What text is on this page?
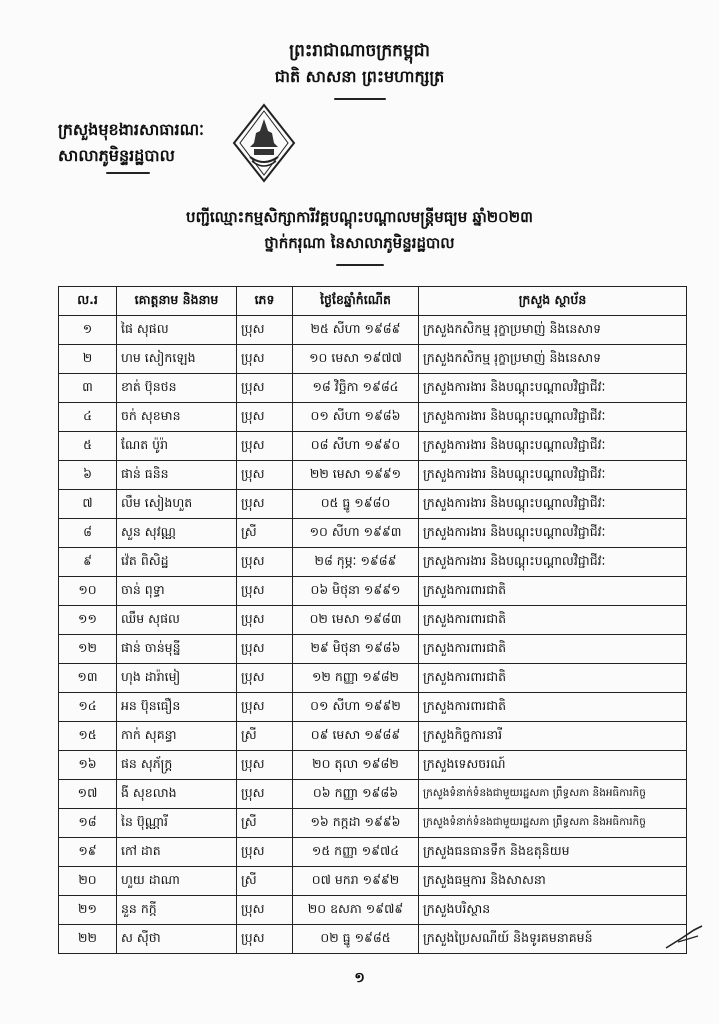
ព្រះរាជាណាចក្រកម្ពុជា
ជាតិ សាសនា ព្រះមហាក្សត្រ
ក្រសួងមុខងារសាធារណៈ
សាលាភូមិន្ទរដ្ឋបាល
បញ្ជីឈ្មោះកម្មសិក្សាការីវគ្គបណ្តុះបណ្តាលមន្ត្រីមធ្យម ឆ្នាំ២០២៣
ថ្នាក់ករុណា នៃសាលាភូមិន្ទរដ្ឋបាល
ល.រ	គោត្តនាម និងនាម	ភេទ	ថ្ងៃខែឆ្នាំកំណើត	ក្រសួង ស្ថាប័ន
១	ផៃ សុផល	ប្រុស	២៥ សីហា ១៩៨៩	ក្រសួងកសិកម្ម រុក្ខាប្រមាញ់ និងនេសាទ
២	ហម សៀកឡេង	ប្រុស	១០ មេសា ១៩៧៧	ក្រសួងកសិកម្ម រុក្ខាប្រមាញ់ និងនេសាទ
៣	ខាត់ ប៊ុនថន	ប្រុស	១៨ វិច្ឆិកា ១៩៨៤	ក្រសួងការងារ និងបណ្តុះបណ្តាលវិជ្ជាជីវៈ
៤	ចក់ សុខមាន	ប្រុស	០១ សីហា ១៩៨៦	ក្រសួងការងារ និងបណ្តុះបណ្តាលវិជ្ជាជីវៈ
៥	ណែត ប៉ូរ៉ា	ប្រុស	០៨ សីហា ១៩៩០	ក្រសួងការងារ និងបណ្តុះបណ្តាលវិជ្ជាជីវៈ
៦	ផាន់ ធនិន	ប្រុស	២២ មេសា ១៩៩១	ក្រសួងការងារ និងបណ្តុះបណ្តាលវិជ្ជាជីវៈ
៧	លឹម សៀងហួត	ប្រុស	០៥ ធ្នូ ១៩៨០	ក្រសួងការងារ និងបណ្តុះបណ្តាលវិជ្ជាជីវៈ
៨	សួន សុវណ្ណ	ស្រី	១០ សីហា ១៩៩៣	ក្រសួងការងារ និងបណ្តុះបណ្តាលវិជ្ជាជីវៈ
៩	វ៉េត ពិសិដ្ឋ	ប្រុស	២៨ កុម្ភៈ ១៩៨៩	ក្រសួងការងារ និងបណ្តុះបណ្តាលវិជ្ជាជីវៈ
១០	ចាន់ ពុទ្ធា	ប្រុស	០៦ មិថុនា ១៩៩១	ក្រសួងការពារជាតិ
១១	ឈឹម សុផល	ប្រុស	០២ មេសា ១៩៨៣	ក្រសួងការពារជាតិ
១២	ផាន់ ចាន់មុន្នី	ប្រុស	២៩ មិថុនា ១៩៨៦	ក្រសួងការពារជាតិ
១៣	ហុង ដារ៉ាមៀ	ប្រុស	១២ កញ្ញា ១៩៨២	ក្រសួងការពារជាតិ
១៤	អន ប៊ុនធឿន	ប្រុស	០១ សីហា ១៩៩២	ក្រសួងការពារជាតិ
១៥	កាក់ សុគន្ធា	ស្រី	០៩ មេសា ១៩៨៩	ក្រសួងកិច្ចការនារី
១៦	ផន សុភ័ក្រ្ត	ប្រុស	២០ តុលា ១៩៨២	ក្រសួងទេសចរណ៍
១៧	ងី សុខលាង	ប្រុស	០៦ កញ្ញា ១៩៨៦	ក្រសួងទំនាក់ទំនងជាមួយរដ្ឋសភា ព្រឹទ្ធសភា និងអធិការកិច្ច
១៨	នៃ ប៊ុណ្ណារី	ស្រី	១៦ កក្កដា ១៩៩៦	ក្រសួងទំនាក់ទំនងជាមួយរដ្ឋសភា ព្រឹទ្ធសភា និងអធិការកិច្ច
១៩	កៅ ដាត	ប្រុស	១៥ កញ្ញា ១៩៧៤	ក្រសួងធនធានទឹក និងឧតុនិយម
២០	ហួយ ដាណា	ស្រី	០៧ មករា ១៩៩២	ក្រសួងធម្មការ និងសាសនា
២១	នួន កក្កី	ប្រុស	២០ ឧសភា ១៩៧៩	ក្រសួងបរិស្ថាន
២២	ស ស៊ីថា	ប្រុស	០២ ធ្នូ ១៩៨៥	ក្រសួងប្រៃសណីយ៍ និងទូរគមនាគមន៍
១
